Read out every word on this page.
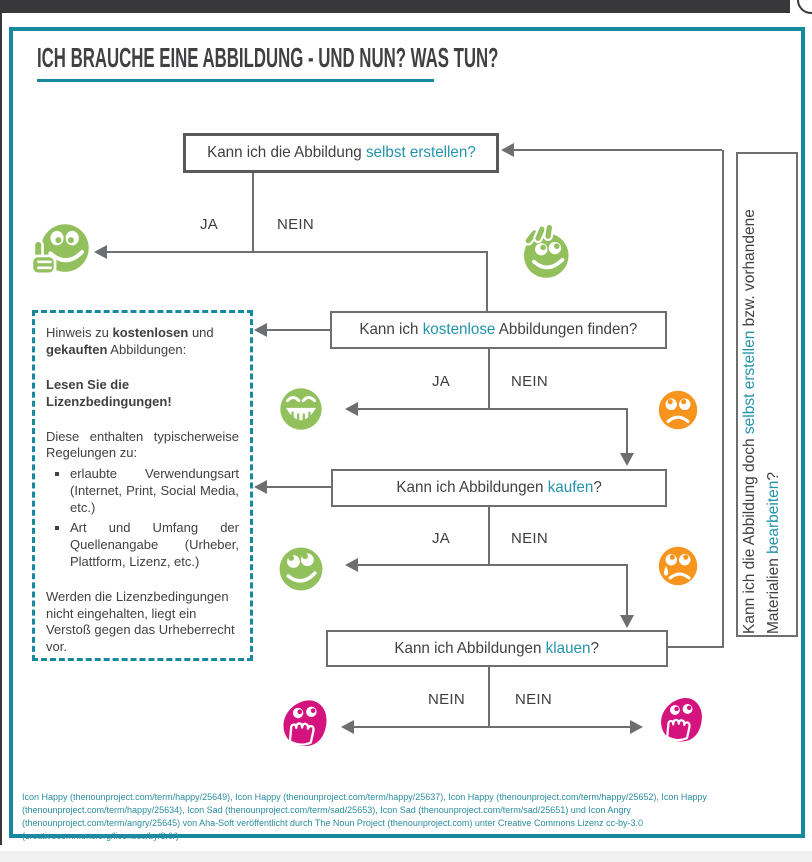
ICH BRAUCHE EINE ABBILDUNG - UND NUN? WAS TUN?
Kann ich die Abbildung selbst erstellen?
Kann ich kostenlose Abbildungen finden?
Kann ich Abbildungen kaufen?
Kann ich Abbildungen klauen?
JA	NEIN
JA	NEIN
JA	NEIN
NEIN	NEIN

Hinweis zu kostenlosen und gekauften Abbildungen:

Lesen Sie die Lizenzbedingungen!

Diese enthalten typischerweise Regelungen zu:

▪ erlaubte Verwendungsart (Internet, Print, Social Media, etc.)
▪ Art und Umfang der Quellenangabe (Urheber, Plattform, Lizenz, etc.)

Werden die Lizenzbedingungen nicht eingehalten, liegt ein Verstoß gegen das Urheberrecht vor.

Kann ich die Abbildung doch selbst erstellen bzw. vorhandene Materialien bearbeiten?
Icon Happy (thenounproject.com/term/happy/25649), Icon Happy (thenounproject.com/term/happy/25637), Icon Happy (thenounproject.com/term/happy/25652), Icon Happy (thenounproject.com/term/happy/25634), Icon Sad (thenounproject.com/term/sad/25653), Icon Sad (thenounproject.com/term/sad/25651) und Icon Angry (thenounproject.com/term/angry/25645) von Aha-Soft veröffentlicht durch The Noun Project (thenounproject.com) unter Creative Commons Lizenz cc-by-3.0 (creativecommons.org/licenses/by/3.0/)
